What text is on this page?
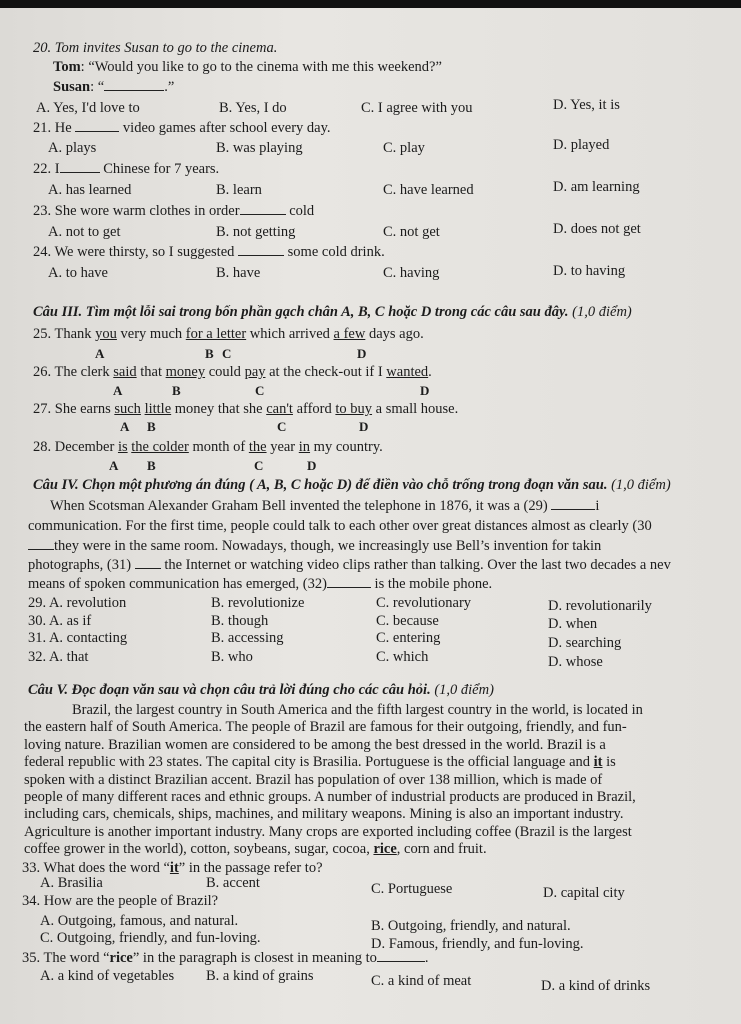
20. Tom invites Susan to go to the cinema.
Tom: “Would you like to go to the cinema with me this weekend?”
Susan: “	.”
A. Yes, I'd love to	B. Yes, I do	C. I agree with you	D. Yes, it is
21. He	video games after school every day.
A. plays	B. was playing	C. play	D. played
22. I	Chinese for 7 years.
A. has learned	B. learn	C. have learned	D. am learning
23. She wore warm clothes in order	cold
A. not to get	B. not getting	C. not get	D. does not get
24. We were thirsty, so I suggested	some cold drink.
A. to have	B. have	C. having	D. to having
Câu III. Tìm một lỗi sai trong bốn phần gạch chân A, B, C hoặc D trong các câu sau đây. (1,0 điểm)
25. Thank you very much for a letter which arrived a few days ago.
A	B C	D
26. The clerk said that money could pay at the check-out if I wanted.
A	B	C	D
27. She earns such little money that she can't afford to buy a small house.
A B	C	D
28. December is the colder month of the year in my country.
A B	C	D
Câu IV. Chọn một phương án đúng ( A, B, C hoặc D) để điền vào chỗ trống trong đoạn văn sau. (1,0 điểm)
When Scotsman Alexander Graham Bell invented the telephone in 1876, it was a (29)	i
communication. For the first time, people could talk to each other over great distances almost as clearly (30
they were in the same room. Nowadays, though, we increasingly use Bell’s invention for takin
photographs, (31) the Internet or watching video clips rather than talking. Over the last two decades a nev
means of spoken communication has emerged, (32)	is the mobile phone.
29. A. revolution	B. revolutionize	C. revolutionary	D. revolutionarily
30. A. as if	B. though	C. because	D. when
31. A. contacting	B. accessing	C. entering	D. searching
32. A. that	B. who	C. which	D. whose
Câu V. Đọc đoạn văn sau và chọn câu trả lời đúng cho các câu hỏi. (1,0 điểm)
Brazil, the largest country in South America and the fifth largest country in the world, is located in
the eastern half of South America. The people of Brazil are famous for their outgoing, friendly, and fun-
loving nature. Brazilian women are considered to be among the best dressed in the world. Brazil is a
federal republic with 23 states. The capital city is Brasilia. Portuguese is the official language and it is
spoken with a distinct Brazilian accent. Brazil has population of over 138 million, which is made of
people of many different races and ethnic groups. A number of industrial products are produced in Brazil,
including cars, chemicals, ships, machines, and military weapons. Mining is also an important industry.
Agriculture is another important industry. Many crops are exported including coffee (Brazil is the largest
coffee grower in the world), cotton, soybeans, sugar, cocoa, rice, corn and fruit.
33. What does the word “it” in the passage refer to?
A. Brasilia	B. accent	C. Portuguese	D. capital city
34. How are the people of Brazil?
A. Outgoing, famous, and natural.	B. Outgoing, friendly, and natural.
C. Outgoing, friendly, and fun-loving.	D. Famous, friendly, and fun-loving.
35. The word “rice” in the paragraph is closest in meaning to	.
A. a kind of vegetables B. a kind of grains	C. a kind of meat	D. a kind of drinks
